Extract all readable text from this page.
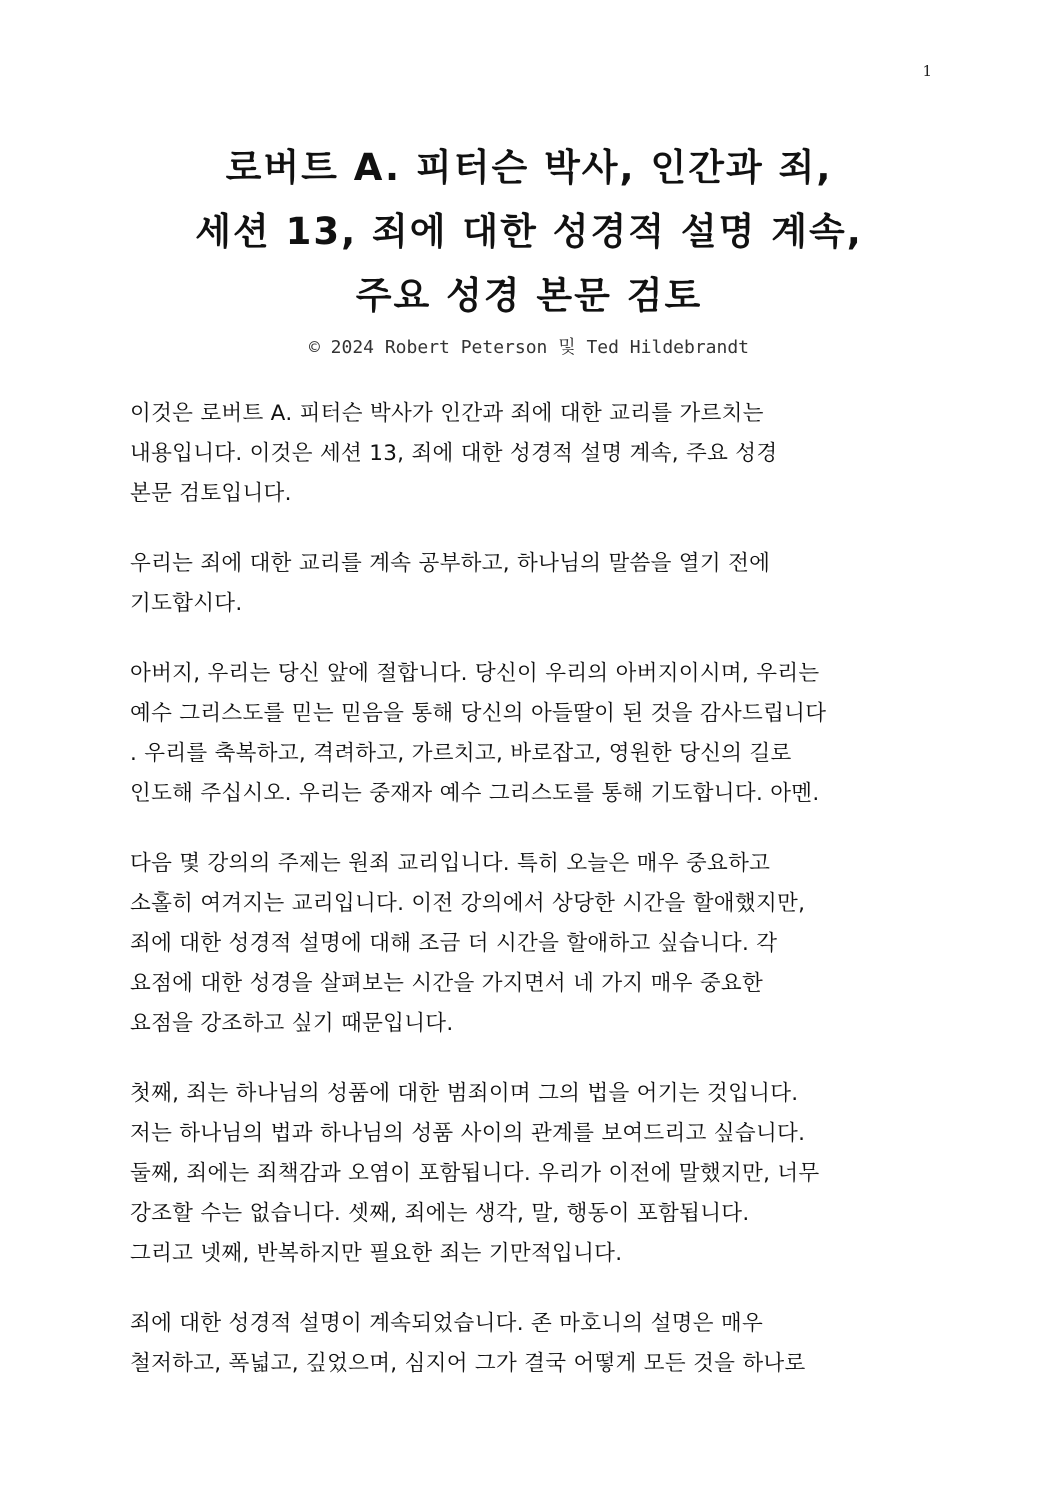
1
로버트 A. 피터슨 박사, 인간과 죄,
세션 13, 죄에 대한 성경적 설명 계속,
주요 성경 본문 검토
© 2024 Robert Peterson 및 Ted Hildebrandt
이것은 로버트 A. 피터슨 박사가 인간과 죄에 대한 교리를 가르치는
내용입니다. 이것은 세션 13, 죄에 대한 성경적 설명 계속, 주요 성경
본문 검토입니다.
우리는 죄에 대한 교리를 계속 공부하고, 하나님의 말씀을 열기 전에
기도합시다.
아버지, 우리는 당신 앞에 절합니다. 당신이 우리의 아버지이시며, 우리는
예수 그리스도를 믿는 믿음을 통해 당신의 아들딸이 된 것을 감사드립니다
. 우리를 축복하고, 격려하고, 가르치고, 바로잡고, 영원한 당신의 길로
인도해 주십시오. 우리는 중재자 예수 그리스도를 통해 기도합니다. 아멘.
다음 몇 강의의 주제는 원죄 교리입니다. 특히 오늘은 매우 중요하고
소홀히 여겨지는 교리입니다. 이전 강의에서 상당한 시간을 할애했지만,
죄에 대한 성경적 설명에 대해 조금 더 시간을 할애하고 싶습니다. 각
요점에 대한 성경을 살펴보는 시간을 가지면서 네 가지 매우 중요한
요점을 강조하고 싶기 때문입니다.
첫째, 죄는 하나님의 성품에 대한 범죄이며 그의 법을 어기는 것입니다.
저는 하나님의 법과 하나님의 성품 사이의 관계를 보여드리고 싶습니다.
둘째, 죄에는 죄책감과 오염이 포함됩니다. 우리가 이전에 말했지만, 너무
강조할 수는 없습니다. 셋째, 죄에는 생각, 말, 행동이 포함됩니다.
그리고 넷째, 반복하지만 필요한 죄는 기만적입니다.
죄에 대한 성경적 설명이 계속되었습니다. 존 마호니의 설명은 매우
철저하고, 폭넓고, 깊었으며, 심지어 그가 결국 어떻게 모든 것을 하나로
